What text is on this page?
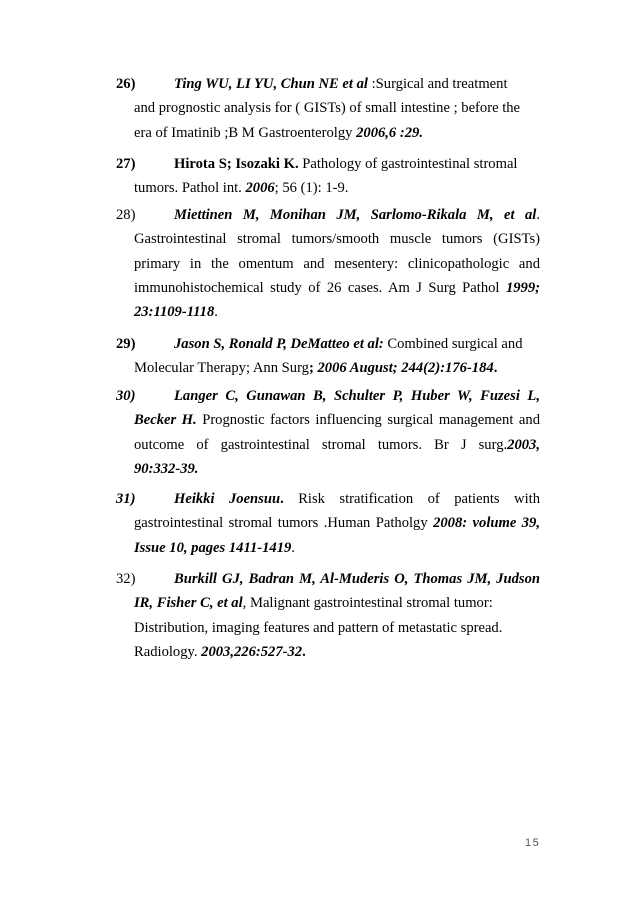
26)	Ting WU, LI YU, Chun NE et al :Surgical and treatment
and prognostic analysis for ( GISTs) of small intestine ; before the
era of Imatinib ;B M Gastroenterolgy 2006,6 :29.
27)	Hirota S; Isozaki K. Pathology of gastrointestinal stromal
tumors. Pathol int. 2006; 56 (1): 1-9.
28)	Miettinen M, Monihan JM, Sarlomo-Rikala M, et al.
Gastrointestinal stromal tumors/smooth muscle tumors (GISTs)
primary in the omentum and mesentery: clinicopathologic and
immunohistochemical study of 26 cases. Am J Surg Pathol 1999;
23:1109-1118.
29)	Jason S, Ronald P, DeMatteo et al: Combined surgical and
Molecular Therapy; Ann Surg; 2006 August; 244(2):176-184.
30)	Langer C, Gunawan B, Schulter P, Huber W, Fuzesi L,
Becker H. Prognostic factors influencing surgical management and
outcome of gastrointestinal stromal tumors. Br J surg.2003,
90:332-39.
31)	Heikki Joensuu. Risk stratification of patients with
gastrointestinal stromal tumors .Human Patholgy 2008: volume 39,
Issue 10, pages 1411-1419.
32)	Burkill GJ, Badran M, Al-Muderis O, Thomas JM, Judson
IR, Fisher C, et al, Malignant gastrointestinal stromal tumor:
Distribution, imaging features and pattern of metastatic spread.
Radiology. 2003,226:527-32.
15
